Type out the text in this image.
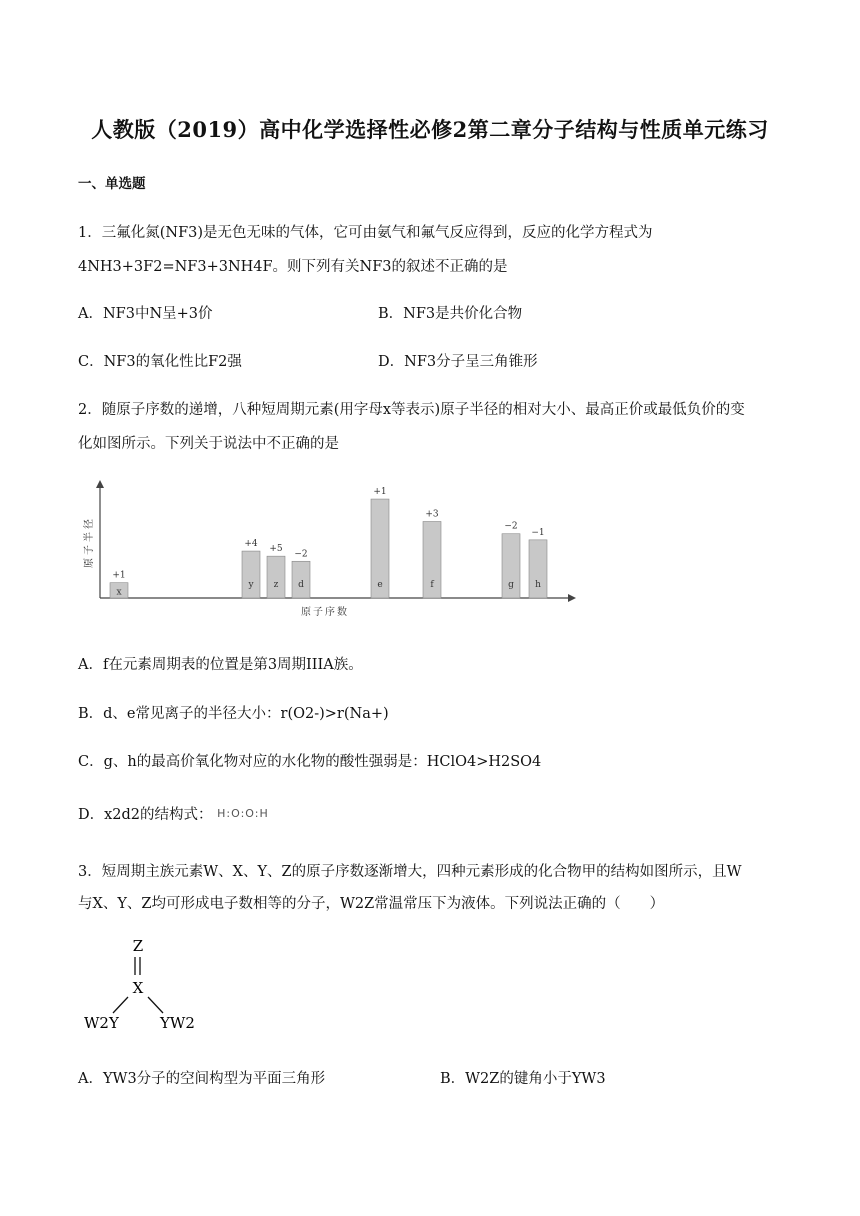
人教版（2019）高中化学选择性必修2第二章分子结构与性质单元练习
一、单选题
1．三氟化氮(NF3)是无色无味的气体，它可由氨气和氟气反应得到，反应的化学方程式为
4NH3+3F2=NF3+3NH4F。则下列有关NF3的叙述不正确的是
A．NF3中N呈+3价	B．NF3是共价化合物
C．NF3的氧化性比F2强	D．NF3分子呈三角锥形
2．随原子序数的递增，八种短周期元素(用字母x等表示)原子半径的相对大小、最高正价或最低负价的变
化如图所示。下列关于说法中不正确的是
原子半径
原子序数
x
+1
y
+4
z
+5
d
−2
e
+1
f
+3
g
−2
h
−1
A．f在元素周期表的位置是第3周期IIIA族。
B．d、e常见离子的半径大小：r(O2-)>r(Na+)
C．g、h的最高价氧化物对应的水化物的酸性强弱是：HClO4>H2SO4
D．x2d2的结构式： H:O:O:H
3．短周期主族元素W、X、Y、Z的原子序数逐渐增大，四种元素形成的化合物甲的结构如图所示，且W
与X、Y、Z均可形成电子数相等的分子，W2Z常温常压下为液体。下列说法正确的（　　）
Z
X
W2Y	YW2
A．YW3分子的空间构型为平面三角形	B．W2Z的键角小于YW3
